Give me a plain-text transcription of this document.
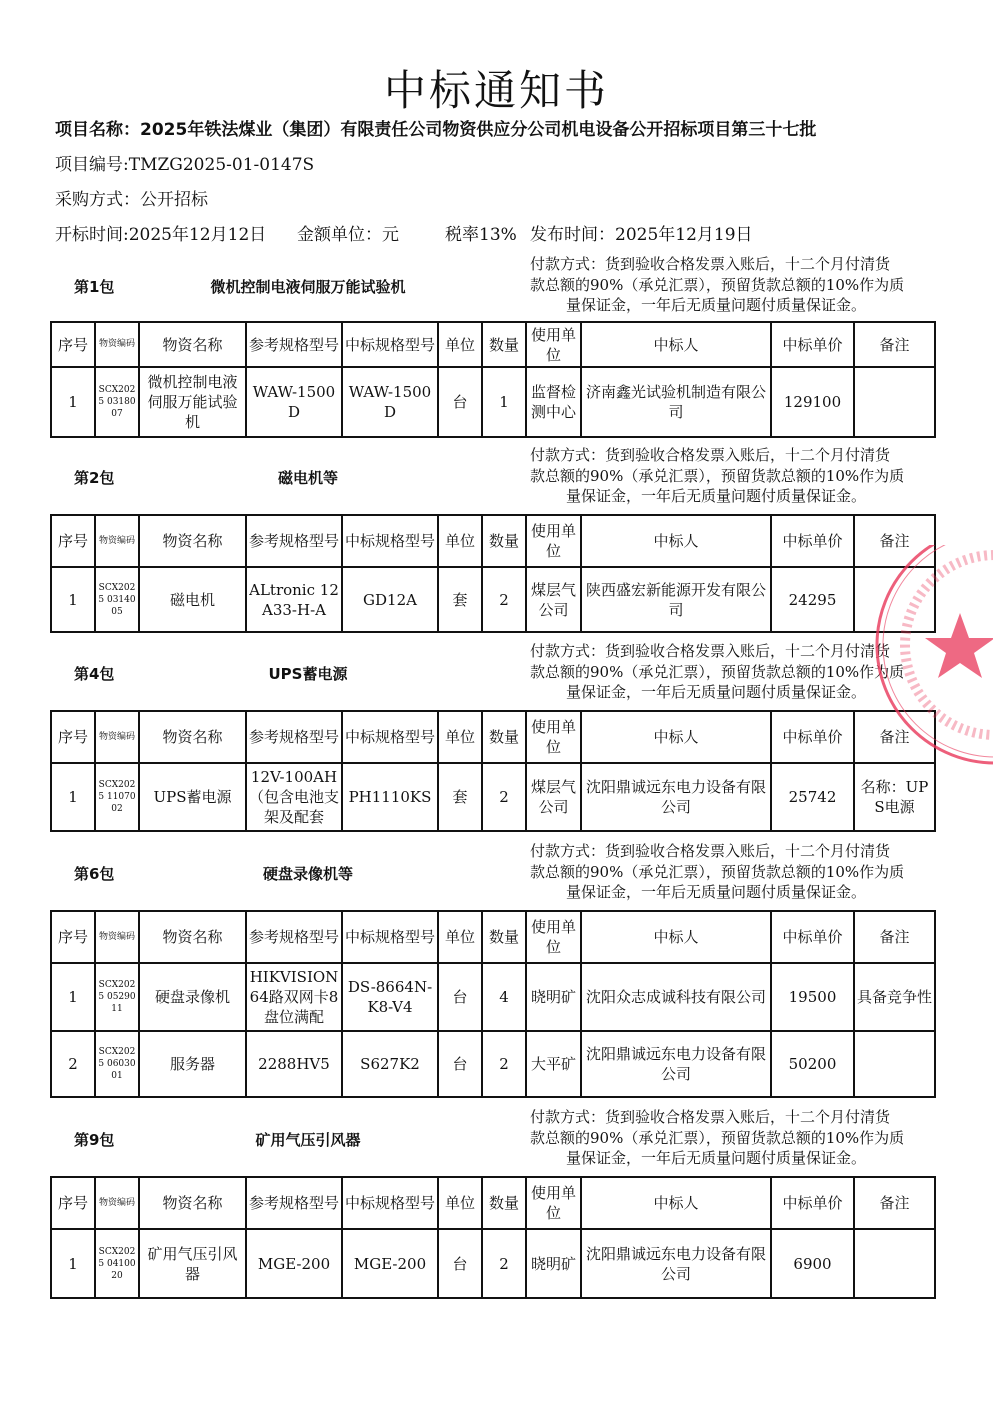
中标通知书
项目名称：2025年铁法煤业（集团）有限责任公司物资供应分公司机电设备公开招标项目第三十七批
项目编号:TMZG2025-01-0147S
采购方式：公开招标
开标时间:2025年12月12日 金额单位：元	税率13% 发布时间：2025年12月19日
第1包	微机控制电液伺服万能试验机
付款方式：货到验收合格发票入账后，十二个月付清货
款总额的90%（承兑汇票），预留货款总额的10%作为质
量保证金，一年后无质量问题付质量保证金。
序号	物资编码	物资名称	参考规格型号	中标规格型号	单位	数量	使用单位	中标人	中标单价	备注

1	SCX2025 0318007	微机控制电液伺服万能试验机	WAW-1500D	WAW-1500D	台	1	监督检测中心	济南鑫光试验机制造有限公司	129100	

第2包	磁电机等
付款方式：货到验收合格发票入账后，十二个月付清货
款总额的90%（承兑汇票），预留货款总额的10%作为质
量保证金，一年后无质量问题付质量保证金。
序号	物资编码	物资名称	参考规格型号	中标规格型号	单位	数量	使用单位	中标人	中标单价	备注

1	SCX2025 0314005	磁电机	ALtronic 12A33-H-A	GD12A	套	2	煤层气公司	陕西盛宏新能源开发有限公司	24295	

第4包	UPS蓄电源
付款方式：货到验收合格发票入账后，十二个月付清货
款总额的90%（承兑汇票），预留货款总额的10%作为质
量保证金，一年后无质量问题付质量保证金。
序号	物资编码	物资名称	参考规格型号	中标规格型号	单位	数量	使用单位	中标人	中标单价	备注

1	SCX2025 1107002	UPS蓄电源	12V-100AH（包含电池支架及配套	PH1110KS	套	2	煤层气公司	沈阳鼎诚远东电力设备有限公司	25742	名称：UPS电源
第6包	硬盘录像机等
付款方式：货到验收合格发票入账后，十二个月付清货
款总额的90%（承兑汇票），预留货款总额的10%作为质
量保证金，一年后无质量问题付质量保证金。
序号	物资编码	物资名称	参考规格型号	中标规格型号	单位	数量	使用单位	中标人	中标单价	备注

1	SCX2025 0529011	硬盘录像机	HIKVISION64路双网卡8盘位满配	DS-8664N-K8-V4	台	4	晓明矿	沈阳众志成诚科技有限公司	19500	具备竞争性

2	SCX2025 0603001	服务器	2288HV5	S627K2	台	2	大平矿	沈阳鼎诚远东电力设备有限公司	50200	

第9包	矿用气压引风器
付款方式：货到验收合格发票入账后，十二个月付清货
款总额的90%（承兑汇票），预留货款总额的10%作为质
量保证金，一年后无质量问题付质量保证金。
序号	物资编码	物资名称	参考规格型号	中标规格型号	单位	数量	使用单位	中标人	中标单价	备注

1	SCX2025 0410020	矿用气压引风器	MGE-200	MGE-200	台	2	晓明矿	沈阳鼎诚远东电力设备有限公司	6900	
